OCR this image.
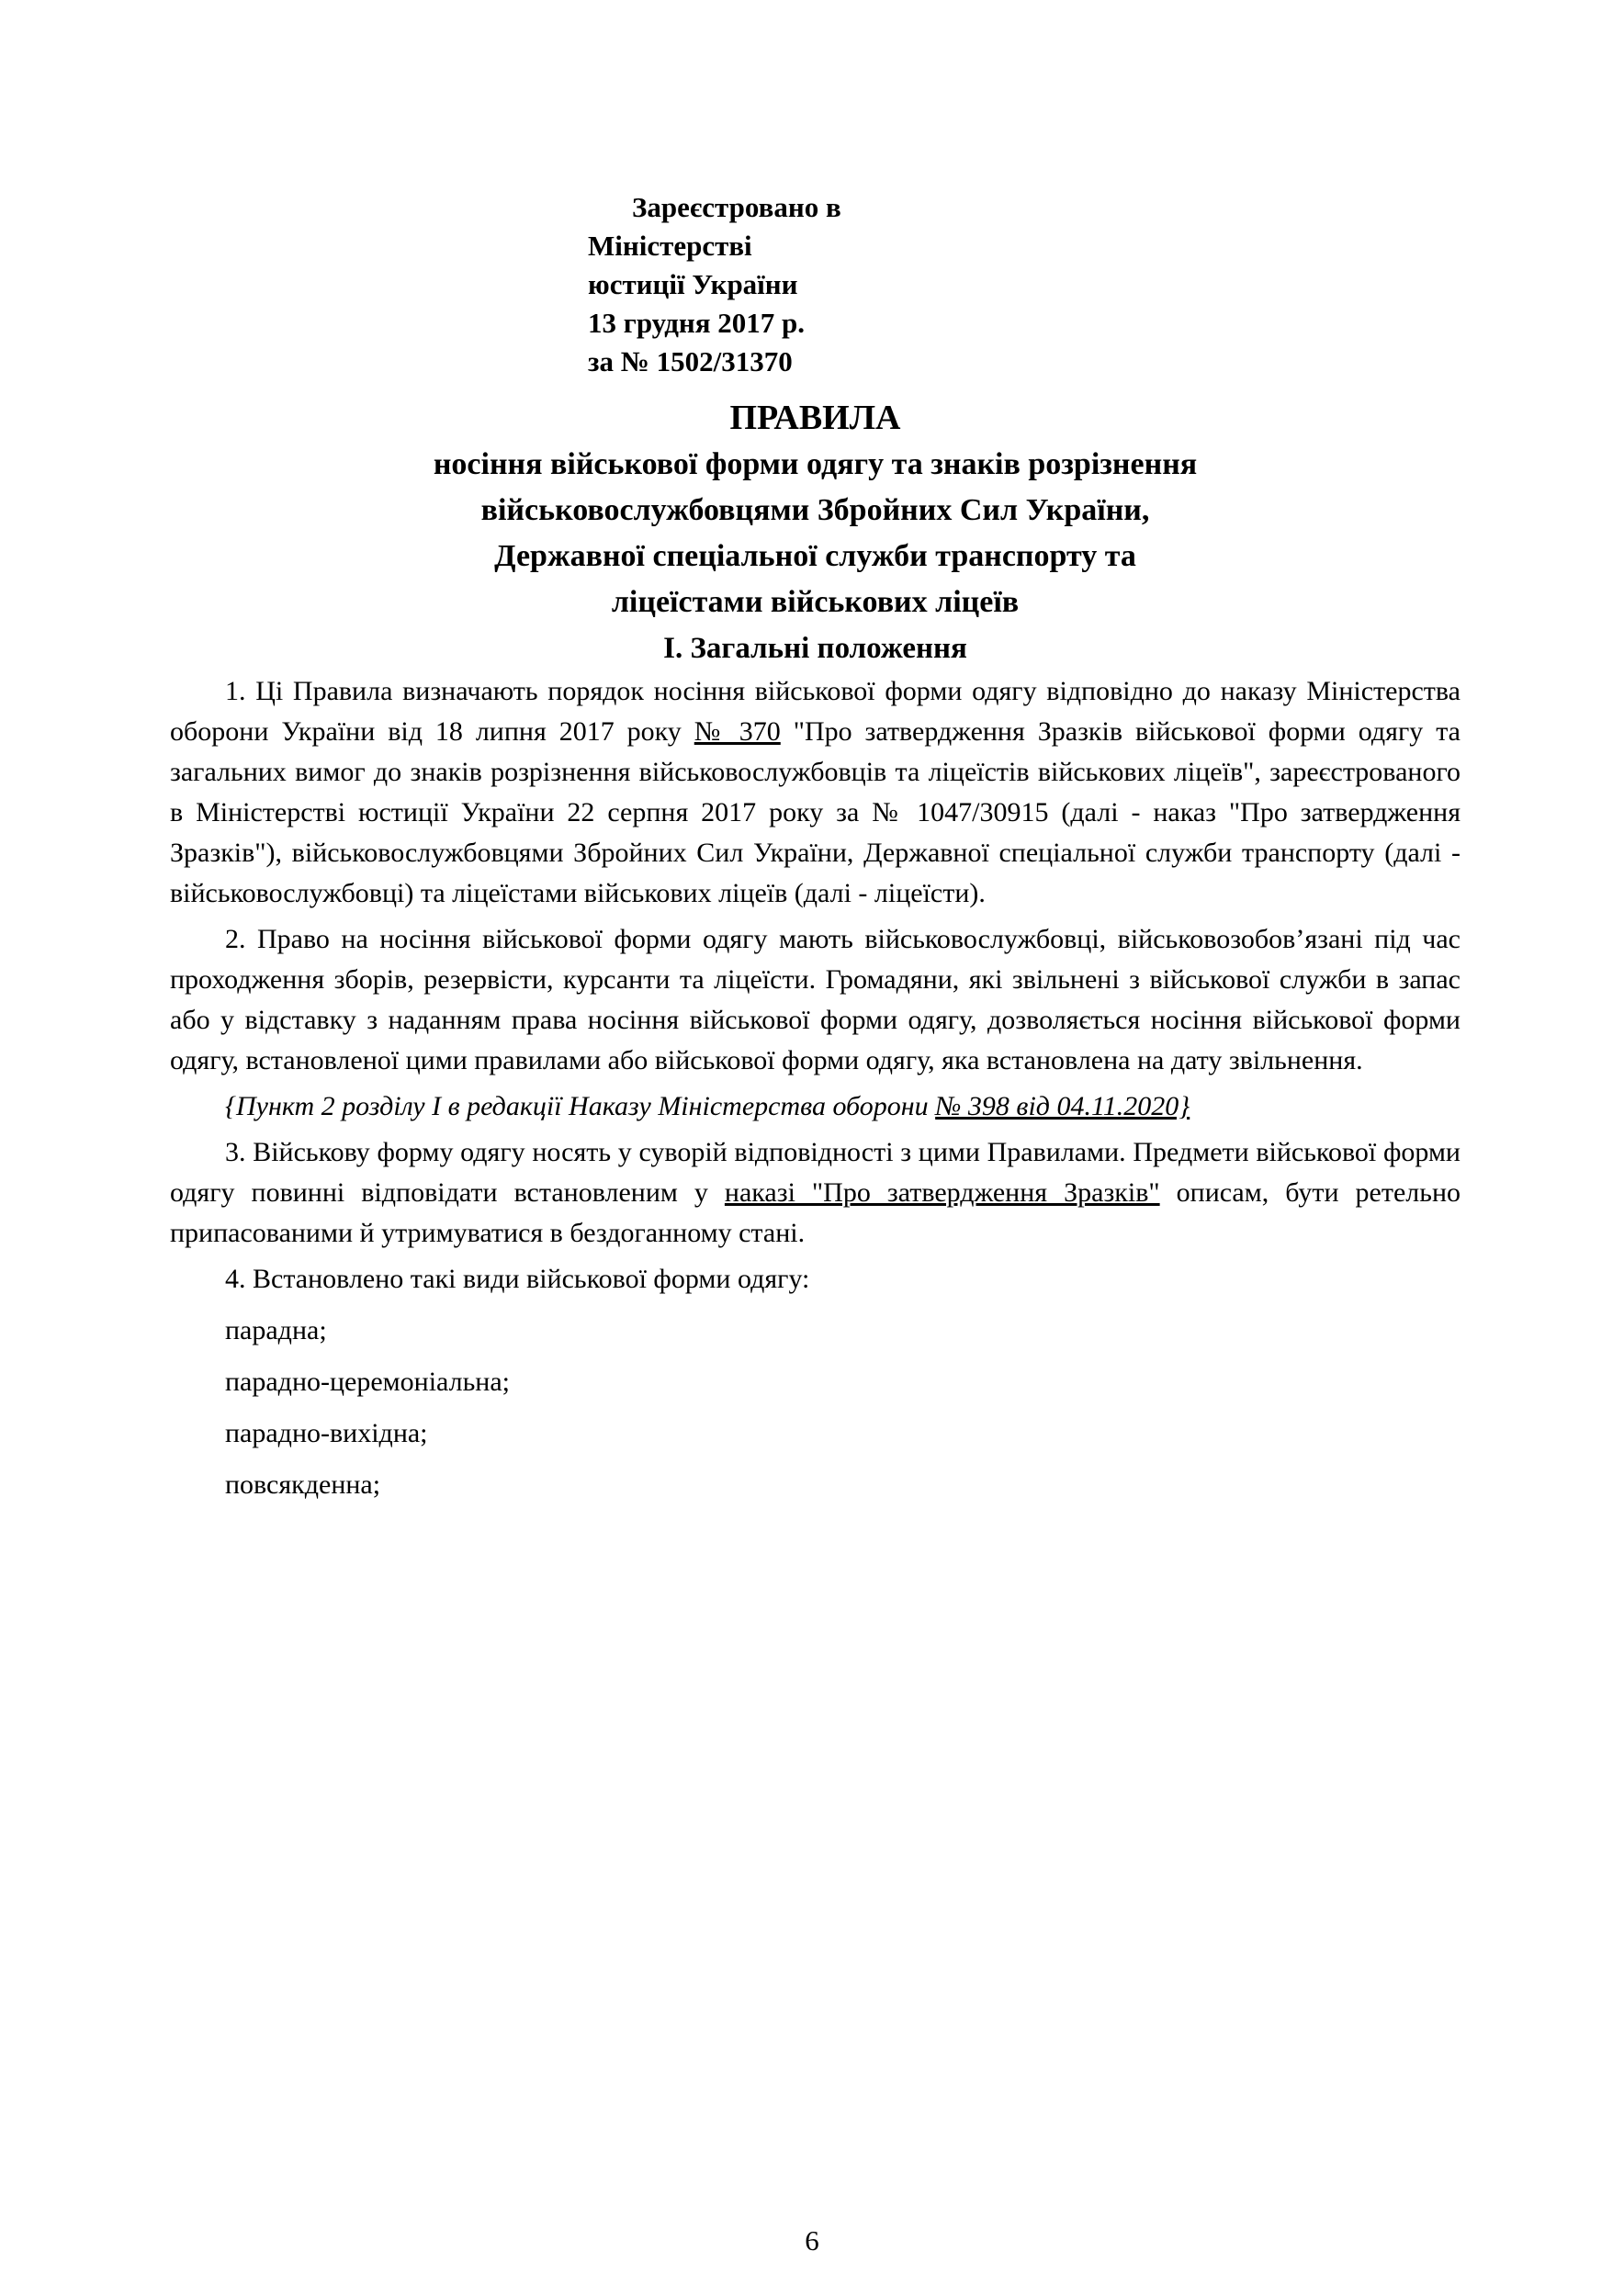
Зареєстровано в
Міністерстві
юстиції України
13 грудня 2017 р.
за № 1502/31370
ПРАВИЛА
носіння військової форми одягу та знаків розрізнення
військовослужбовцями Збройних Сил України,
Державної спеціальної служби транспорту та
ліцеїстами військових ліцеїв
І. Загальні положення

1. Ці Правила визначають порядок носіння військової форми одягу відповідно до наказу Міністерства оборони України від 18 липня 2017 року № 370 "Про затвердження Зразків військової форми одягу та загальних вимог до знаків розрізнення військовослужбовців та ліцеїстів військових ліцеїв", зареєстрованого в Міністерстві юстиції України 22 серпня 2017 року за № 1047/30915 (далі - наказ "Про затвердження Зразків"), військовослужбовцями Збройних Сил України, Державної спеціальної служби транспорту (далі - військовослужбовці) та ліцеїстами військових ліцеїв (далі - ліцеїсти).

2. Право на носіння військової форми одягу мають військовослужбовці, військовозобов’язані під час проходження зборів, резервісти, курсанти та ліцеїсти. Громадяни, які звільнені з військової служби в запас або у відставку з наданням права носіння військової форми одягу, дозволяється носіння військової форми одягу, встановленої цими правилами або військової форми одягу, яка встановлена на дату звільнення.

{Пункт 2 розділу І в редакції Наказу Міністерства оборони № 398 від 04.11.2020}

3. Військову форму одягу носять у суворій відповідності з цими Правилами. Предмети військової форми одягу повинні відповідати встановленим у наказі "Про затвердження Зразків" описам, бути ретельно припасованими й утримуватися в бездоганному стані.

4. Встановлено такі види військової форми одягу:

парадна;

парадно-церемоніальна;

парадно-вихідна;

повсякденна;

6
